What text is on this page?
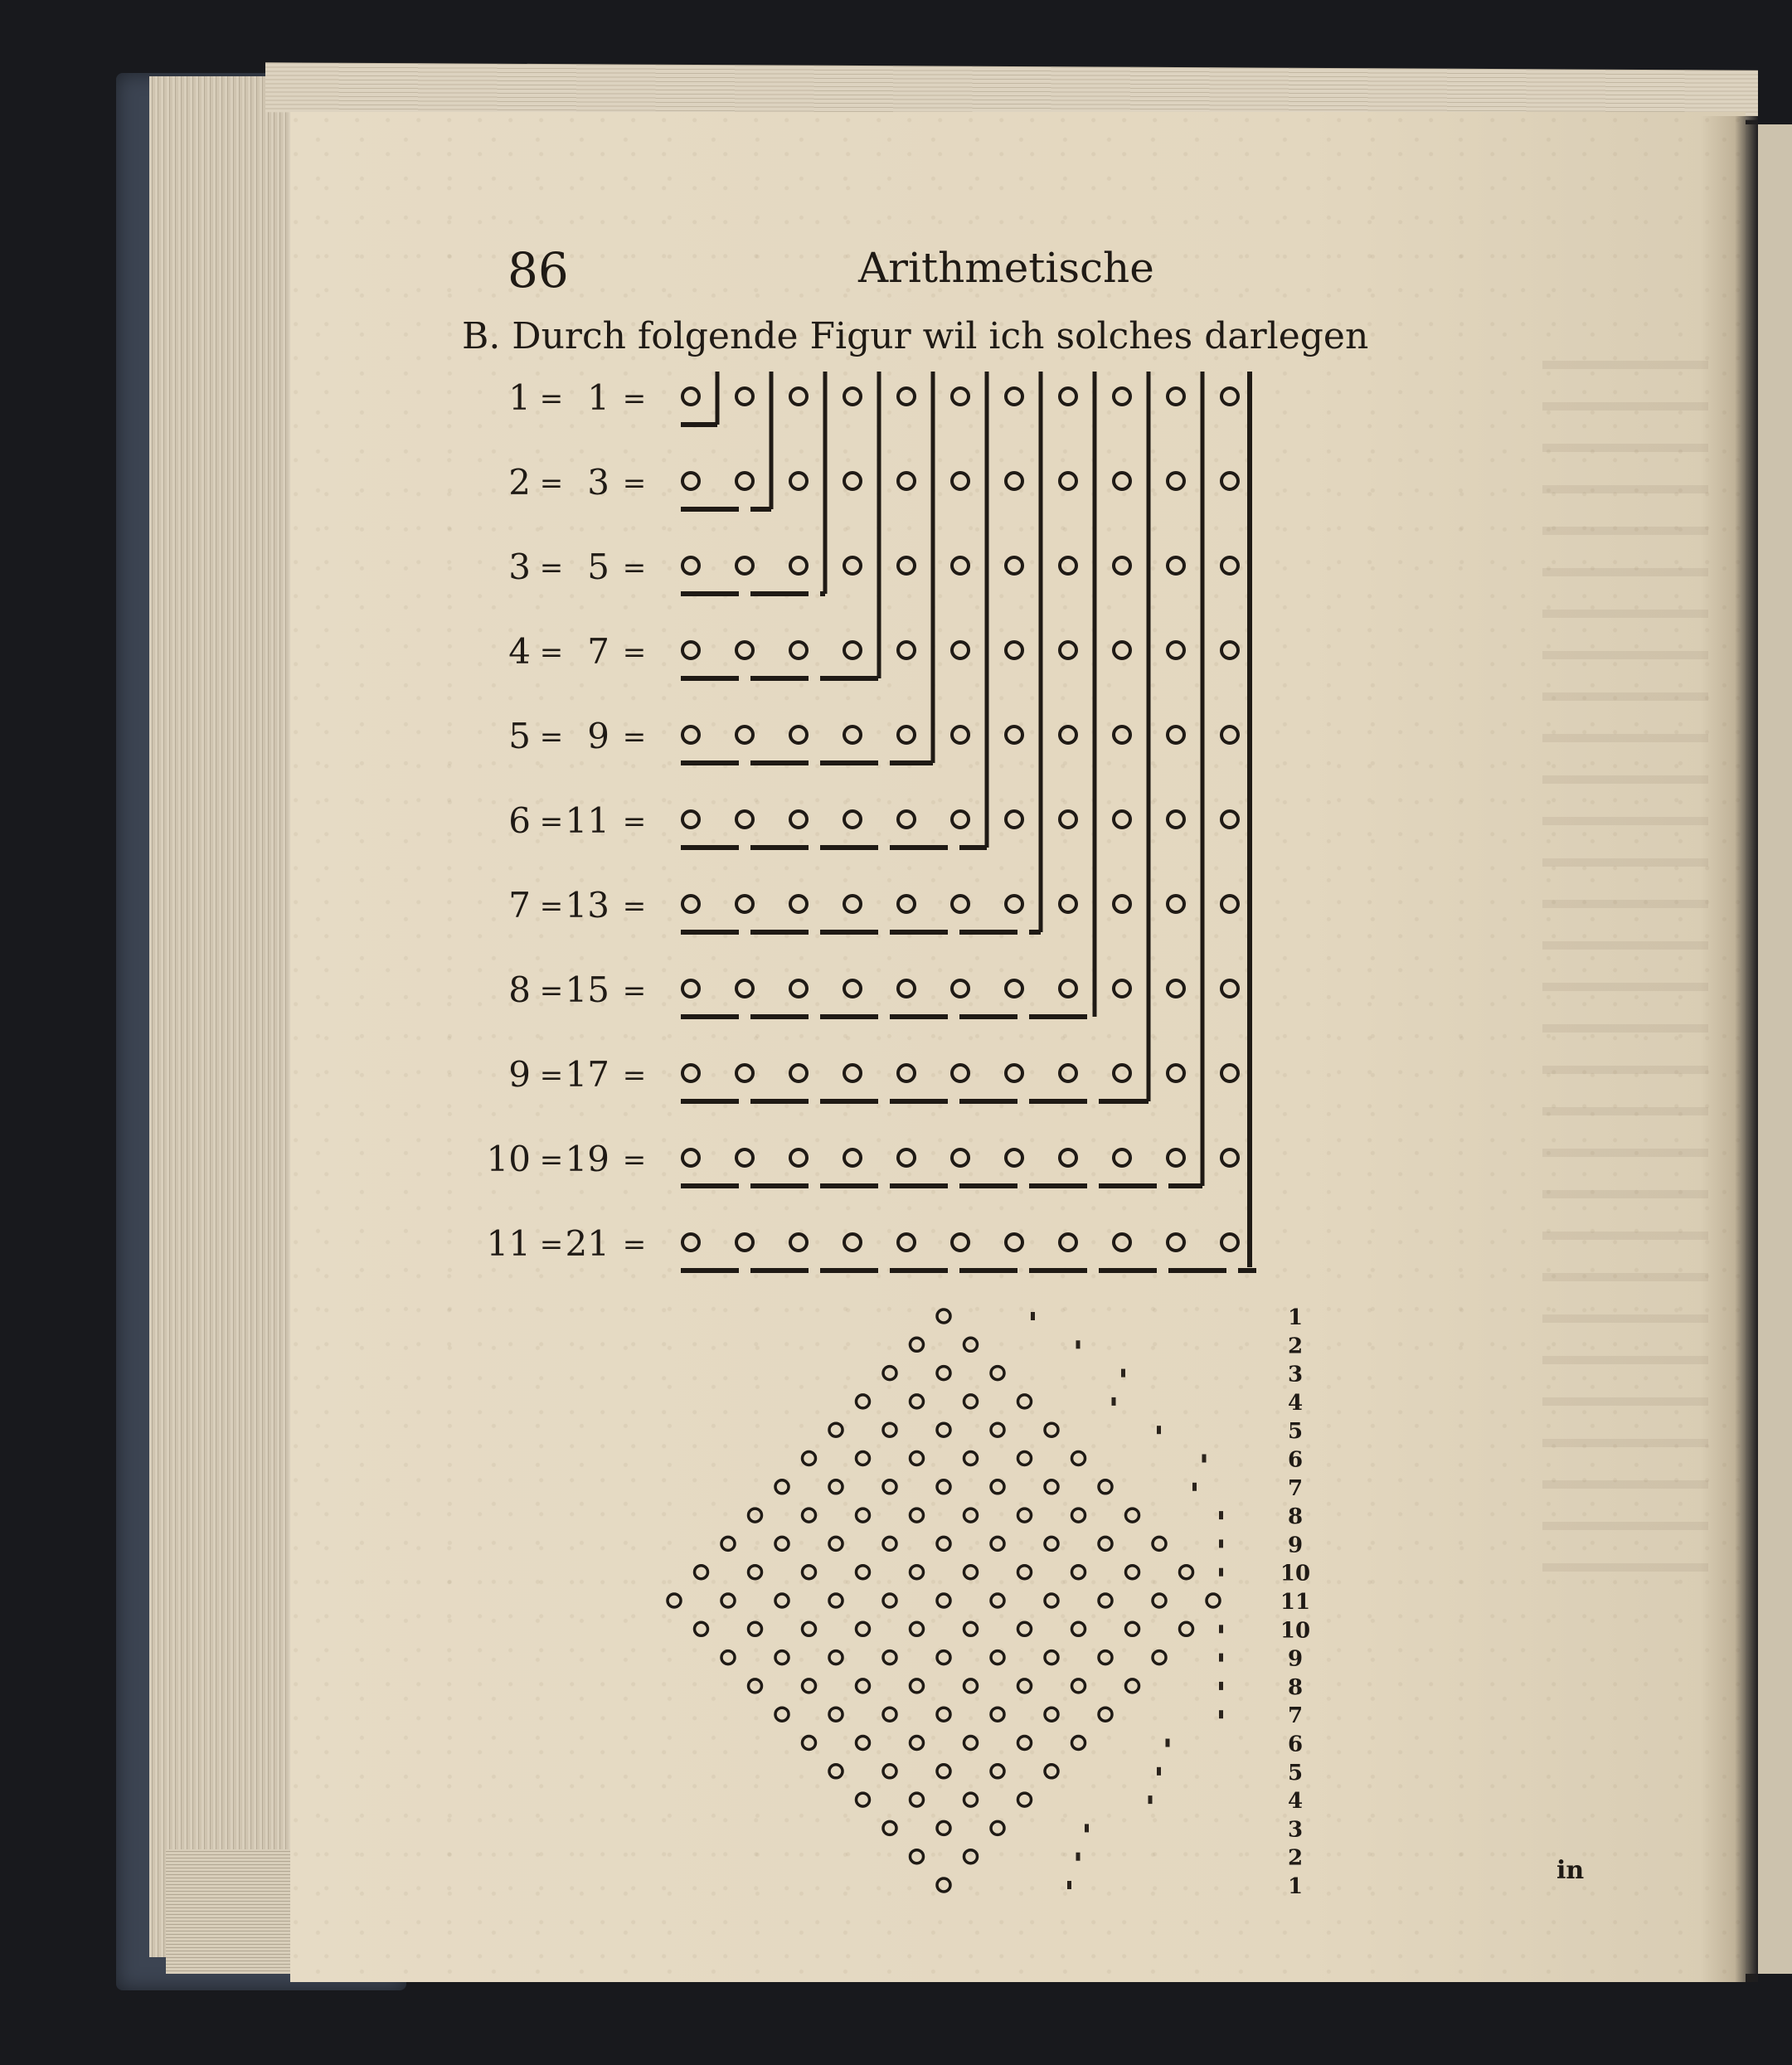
86	Arithmetische
B. Durch folgende Figur wil ich solches darlegen
1 = 1 =
2 = 3 =
3 = 5 =
4 = 7 =
5 = 9 =
6 = 11 =
7 = 13 =
8 = 15 =
9 = 17 =
10 = 19 =
11 = 21 =
1
2
3
4
5
6
7
8
9
10
11
10
9
8
7
6
5
4
3
2
1
in
